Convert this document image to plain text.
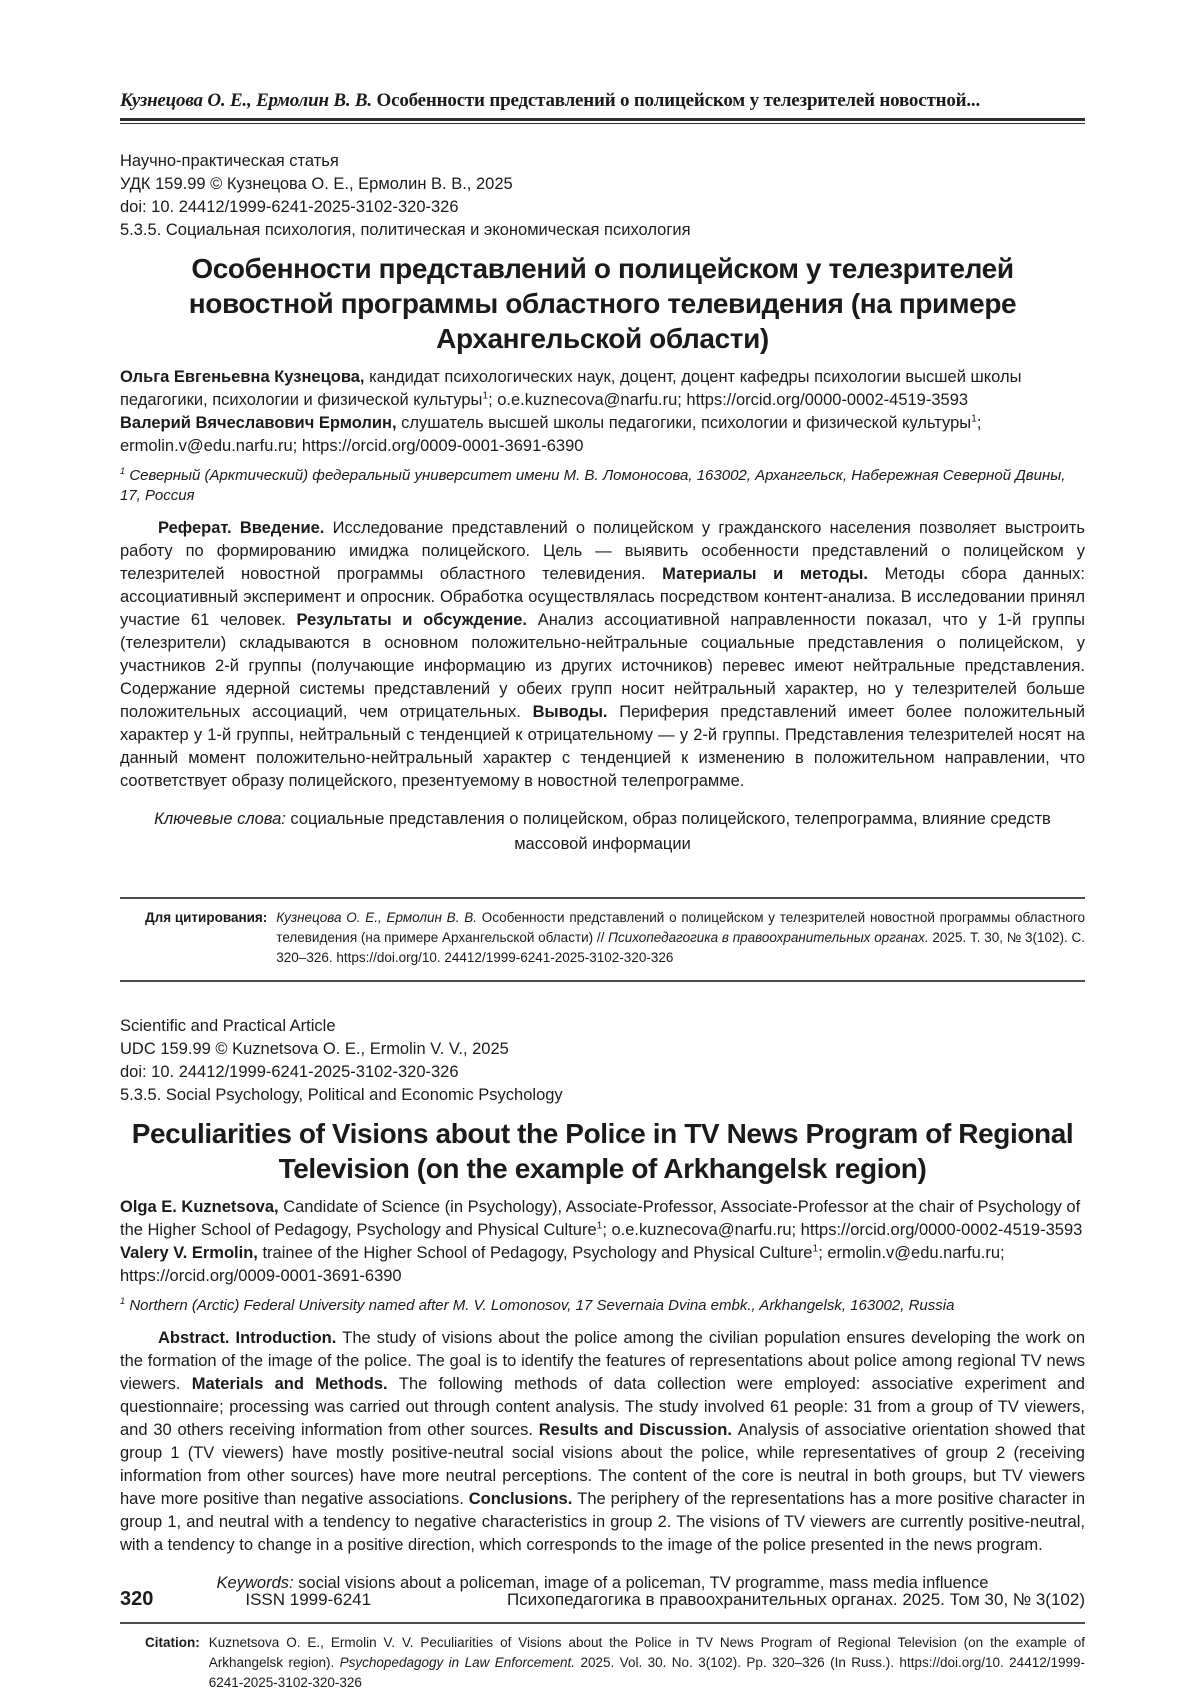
Кузнецова О. Е., Ермолин В. В. Особенности представлений о полицейском у телезрителей новостной...
Научно-практическая статья
УДК 159.99 © Кузнецова О. Е., Ермолин В. В., 2025
doi: 10. 24412/1999-6241-2025-3102-320-326
5.3.5. Социальная психология, политическая и экономическая психология
Особенности представлений о полицейском у телезрителей новостной программы областного телевидения (на примере Архангельской области)
Ольга Евгеньевна Кузнецова, кандидат психологических наук, доцент, доцент кафедры психологии высшей школы педагогики, психологии и физической культуры$^1$; o.e.kuznecova@narfu.ru; https://orcid.org/0000-0002-4519-3593
Валерий Вячеславович Ермолин, слушатель высшей школы педагогики, психологии и физической культуры$^1$; ermolin.v@edu.narfu.ru; https://orcid.org/0009-0001-3691-6390
$^1$ Северный (Арктический) федеральный университет имени М. В. Ломоносова, 163002, Архангельск, Набережная Северной Двины, 17, Россия
Реферат. Введение. Исследование представлений о полицейском у гражданского населения позволяет выстроить работу по формированию имиджа полицейского. Цель — выявить особенности представлений о полицейском у телезрителей новостной программы областного телевидения. Материалы и методы. Методы сбора данных: ассоциативный эксперимент и опросник. Обработка осуществлялась посредством контент-анализа. В исследовании принял участие 61 человек. Результаты и обсуждение. Анализ ассоциативной направленности показал, что у 1-й группы (телезрители) складываются в основном положительно-нейтральные социальные представления о полицейском, у участников 2-й группы (получающие информацию из других источников) перевес имеют нейтральные представления. Содержание ядерной системы представлений у обеих групп носит нейтральный характер, но у телезрителей больше положительных ассоциаций, чем отрицательных. Выводы. Периферия представлений имеет более положительный характер у 1-й группы, нейтральный с тенденцией к отрицательному — у 2-й группы. Представления телезрителей носят на данный момент положительно-нейтральный характер с тенденцией к изменению в положительном направлении, что соответствует образу полицейского, презентуемому в новостной телепрограмме.
Ключевые слова: социальные представления о полицейском, образ полицейского, телепрограмма, влияние средств массовой информации
Для цитирования: Кузнецова О. Е., Ермолин В. В. Особенности представлений о полицейском у телезрителей новостной программы областного телевидения (на примере Архангельской области) // Психопедагогика в правоохранительных органах. 2025. Т. 30, № 3(102). С. 320–326. https://doi.org/10. 24412/1999-6241-2025-3102-320-326
Scientific and Practical Article
UDC 159.99 © Kuznetsova O. E., Ermolin V. V., 2025
doi: 10. 24412/1999-6241-2025-3102-320-326
5.3.5. Social Psychology, Political and Economic Psychology
Peculiarities of Visions about the Police in TV News Program of Regional Television (on the example of Arkhangelsk region)
Olga E. Kuznetsova, Candidate of Science (in Psychology), Associate-Professor, Associate-Professor at the chair of Psychology of the Higher School of Pedagogy, Psychology and Physical Culture$^1$; o.e.kuznecova@narfu.ru; https://orcid.org/0000-0002-4519-3593
Valery V. Ermolin, trainee of the Higher School of Pedagogy, Psychology and Physical Culture$^1$; ermolin.v@edu.narfu.ru; https://orcid.org/0009-0001-3691-6390
$^1$ Northern (Arctic) Federal University named after M. V. Lomonosov, 17 Severnaia Dvina embk., Arkhangelsk, 163002, Russia
Abstract. Introduction. The study of visions about the police among the civilian population ensures developing the work on the formation of the image of the police. The goal is to identify the features of representations about police among regional TV news viewers. Materials and Methods. The following methods of data collection were employed: associative experiment and questionnaire; processing was carried out through content analysis. The study involved 61 people: 31 from a group of TV viewers, and 30 others receiving information from other sources. Results and Discussion. Analysis of associative orientation showed that group 1 (TV viewers) have mostly positive-neutral social visions about the police, while representatives of group 2 (receiving information from other sources) have more neutral perceptions. The content of the core is neutral in both groups, but TV viewers have more positive than negative associations. Conclusions. The periphery of the representations has a more positive character in group 1, and neutral with a tendency to negative characteristics in group 2. The visions of TV viewers are currently positive-neutral, with a tendency to change in a positive direction, which corresponds to the image of the police presented in the news program.
Keywords: social visions about a policeman, image of a policeman, TV programme, mass media influence
Citation: Kuznetsova O. E., Ermolin V. V. Peculiarities of Visions about the Police in TV News Program of Regional Television (on the example of Arkhangelsk region). Psychopedagogy in Law Enforcement. 2025. Vol. 30. No. 3(102). Pp. 320–326 (In Russ.). https://doi.org/10. 24412/1999-6241-2025-3102-320-326
320	ISSN 1999-6241	Психопедагогика в правоохранительных органах. 2025. Том 30, № 3(102)
